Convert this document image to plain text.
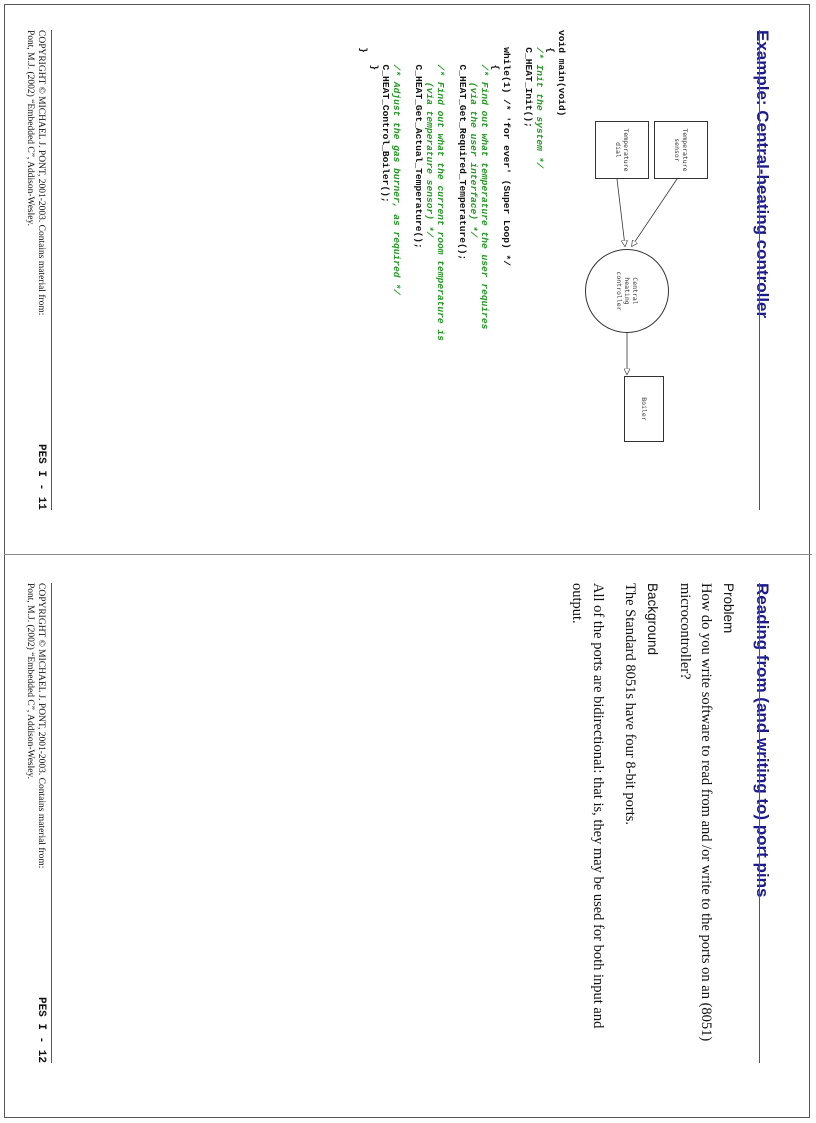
Example: Central-heating controller
Temperature
sensor
Temperature
dial
Central
heating
controller
Boiler
void main(void)
{
/* Init the system */
C_HEAT_Init();
while(1) /* 'for ever' (Super Loop) */
{
/* Find out what temperature the user requires
(via the user interface) */
C_HEAT_Get_Required_Temperature();
/* Find out what the current room temperature is
(via temperature sensor) */
C_HEAT_Get_Actual_Temperature();
/* Adjust the gas burner, as required */
C_HEAT_Control_Boiler();
}
}
COPYRIGHT © MICHAEL J. PONT, 2001-2003. Contains material from:
Pont, M.J. (2002) “Embedded C”, Addison-Wesley.
PES I - 11
Reading from (and writing to) port pins
Problem
How do you write software to read from and /or write to the ports on an (8051) microcontroller?
Background
The Standard 8051s have four 8-bit ports.
All of the ports are bidirectional: that is, they may be used for both input and output.
COPYRIGHT © MICHAEL J. PONT, 2001-2003. Contains material from:
Pont, M.J. (2002) “Embedded C”, Addison-Wesley.
PES I - 12
